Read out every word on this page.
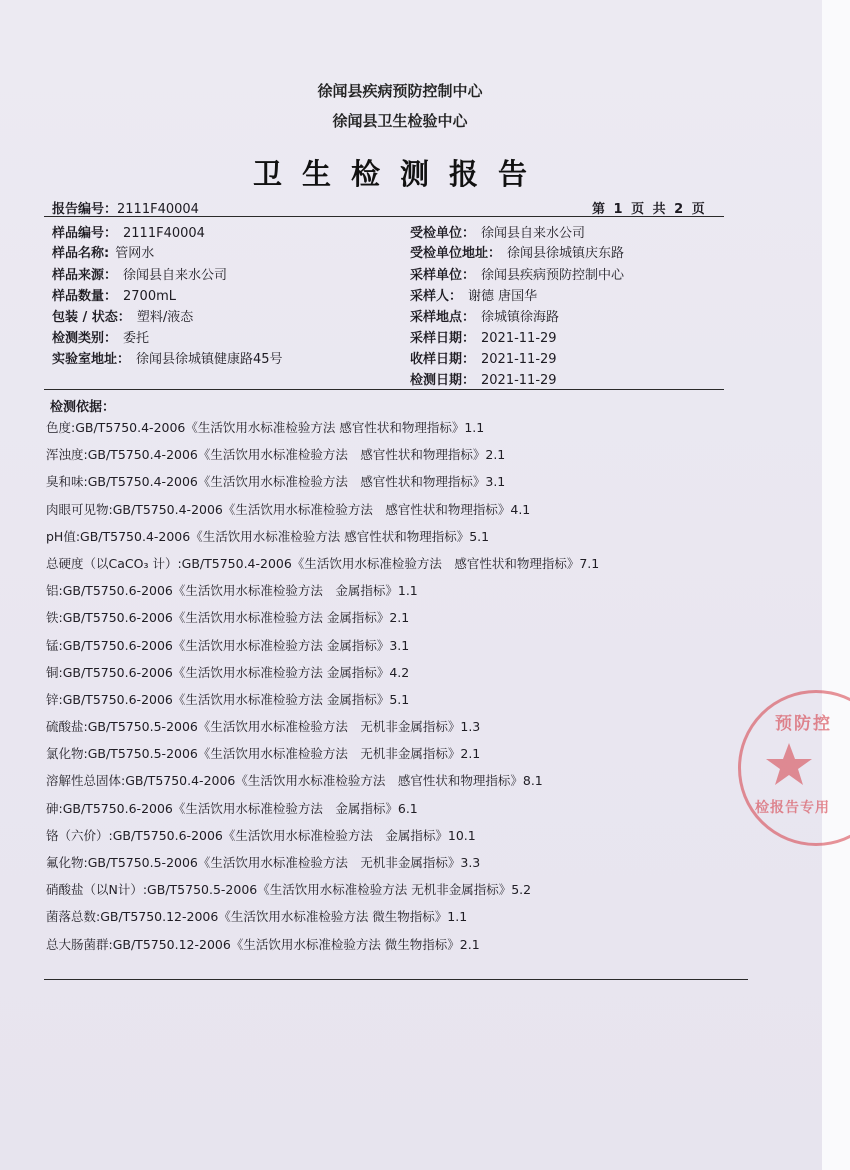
徐闻县疾病预防控制中心
徐闻县卫生检验中心
卫生检测报告
报告编号：2111F40004	第 1 页 共 2 页
样品编号： 2111F40004
样品名称: 管网水
样品来源： 徐闻县自来水公司
样品数量： 2700mL
包装 / 状态： 塑料/液态
检测类别： 委托
实验室地址： 徐闻县徐城镇健康路45号
受检单位： 徐闻县自来水公司
受检单位地址： 徐闻县徐城镇庆东路
采样单位： 徐闻县疾病预防控制中心
采样人： 谢德 唐国华
采样地点： 徐城镇徐海路
采样日期： 2021-11-29
收样日期： 2021-11-29
检测日期： 2021-11-29
检测依据：
色度:GB/T5750.4-2006《生活饮用水标准检验方法 感官性状和物理指标》1.1
浑浊度:GB/T5750.4-2006《生活饮用水标准检验方法　感官性状和物理指标》2.1
臭和味:GB/T5750.4-2006《生活饮用水标准检验方法　感官性状和物理指标》3.1
肉眼可见物:GB/T5750.4-2006《生活饮用水标准检验方法　感官性状和物理指标》4.1
pH值:GB/T5750.4-2006《生活饮用水标准检验方法 感官性状和物理指标》5.1
总硬度（以CaCO₃ 计）:GB/T5750.4-2006《生活饮用水标准检验方法　感官性状和物理指标》7.1
铝:GB/T5750.6-2006《生活饮用水标准检验方法　金属指标》1.1
铁:GB/T5750.6-2006《生活饮用水标准检验方法 金属指标》2.1
锰:GB/T5750.6-2006《生活饮用水标准检验方法 金属指标》3.1
铜:GB/T5750.6-2006《生活饮用水标准检验方法 金属指标》4.2
锌:GB/T5750.6-2006《生活饮用水标准检验方法 金属指标》5.1
硫酸盐:GB/T5750.5-2006《生活饮用水标准检验方法　无机非金属指标》1.3
氯化物:GB/T5750.5-2006《生活饮用水标准检验方法　无机非金属指标》2.1
溶解性总固体:GB/T5750.4-2006《生活饮用水标准检验方法　感官性状和物理指标》8.1
砷:GB/T5750.6-2006《生活饮用水标准检验方法　金属指标》6.1
铬（六价）:GB/T5750.6-2006《生活饮用水标准检验方法　金属指标》10.1
氟化物:GB/T5750.5-2006《生活饮用水标准检验方法　无机非金属指标》3.3
硝酸盐（以N计）:GB/T5750.5-2006《生活饮用水标准检验方法 无机非金属指标》5.2
菌落总数:GB/T5750.12-2006《生活饮用水标准检验方法 微生物指标》1.1
总大肠菌群:GB/T5750.12-2006《生活饮用水标准检验方法 微生物指标》2.1
预防控
检报告专用
